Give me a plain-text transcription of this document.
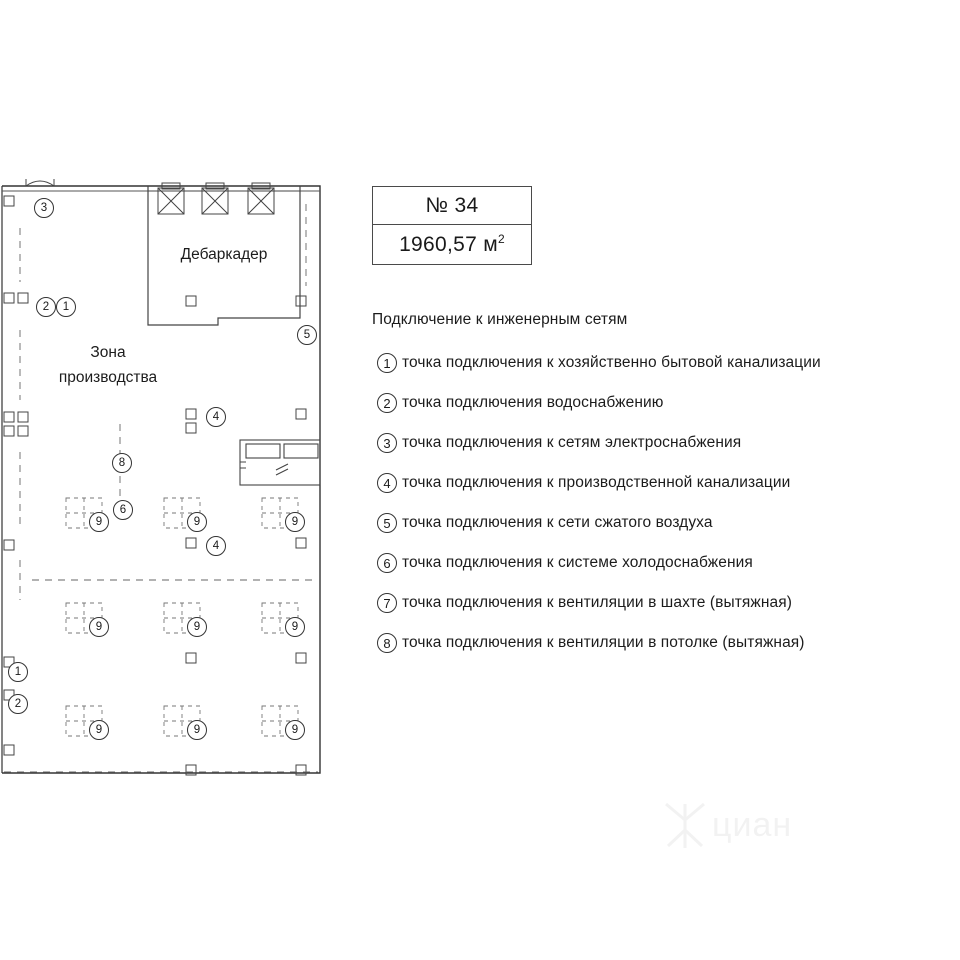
Дебаркадер
Зона
производства
3
2	1
5
4
8
6
9	9	9
4
9	9	9
1
2
9	9	9
№ 34
1960,57 $м^2$
Подключение к инженерным сетям
1 точка подключения к хозяйственно бытовой канализации
2 точка подключения водоснабжению
3 точка подключения к сетям электроснабжения
4 точка подключения к производственной канализации
5 точка подключения к сети сжатого воздуха
6 точка подключения к системе холодоснабжения
7 точка подключения к вентиляции в шахте (вытяжная)
8 точка подключения к вентиляции в потолке (вытяжная)
циан
